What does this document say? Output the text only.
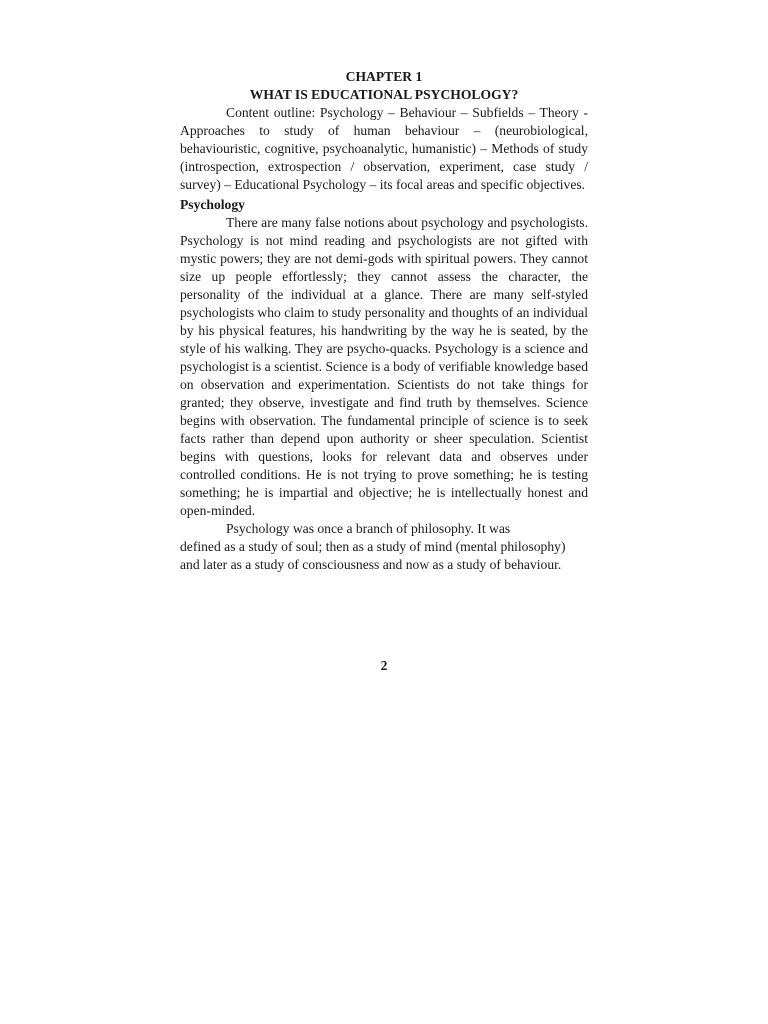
CHAPTER 1

WHAT IS EDUCATIONAL PSYCHOLOGY?

Content outline: Psychology – Behaviour – Subfields – Theory - Approaches to study of human behaviour – (neurobiological, behaviouristic, cognitive, psychoanalytic, humanistic) – Methods of study (introspection, extrospection / observation, experiment, case study / survey) – Educational Psychology – its focal areas and specific objectives.

Psychology

There are many false notions about psychology and psychologists. Psychology is not mind reading and psychologists are not gifted with mystic powers; they are not demi-gods with spiritual powers. They cannot size up people effortlessly; they cannot assess the character, the personality of the individual at a glance. There are many self-styled psychologists who claim to study personality and thoughts of an individual by his physical features, his handwriting by the way he is seated, by the style of his walking. They are psycho-quacks. Psychology is a science and psychologist is a scientist. Science is a body of verifiable knowledge based on observation and experimentation. Scientists do not take things for granted; they observe, investigate and find truth by themselves. Science begins with observation. The fundamental principle of science is to seek facts rather than depend upon authority or sheer speculation. Scientist begins with questions, looks for relevant data and observes under controlled conditions. He is not trying to prove something; he is testing something; he is impartial and objective; he is intellectually honest and open-minded.

Psychology was once a branch of philosophy. It was

defined as a study of soul; then as a study of mind (mental philosophy)

and later as a study of consciousness and now as a study of behaviour.

2
